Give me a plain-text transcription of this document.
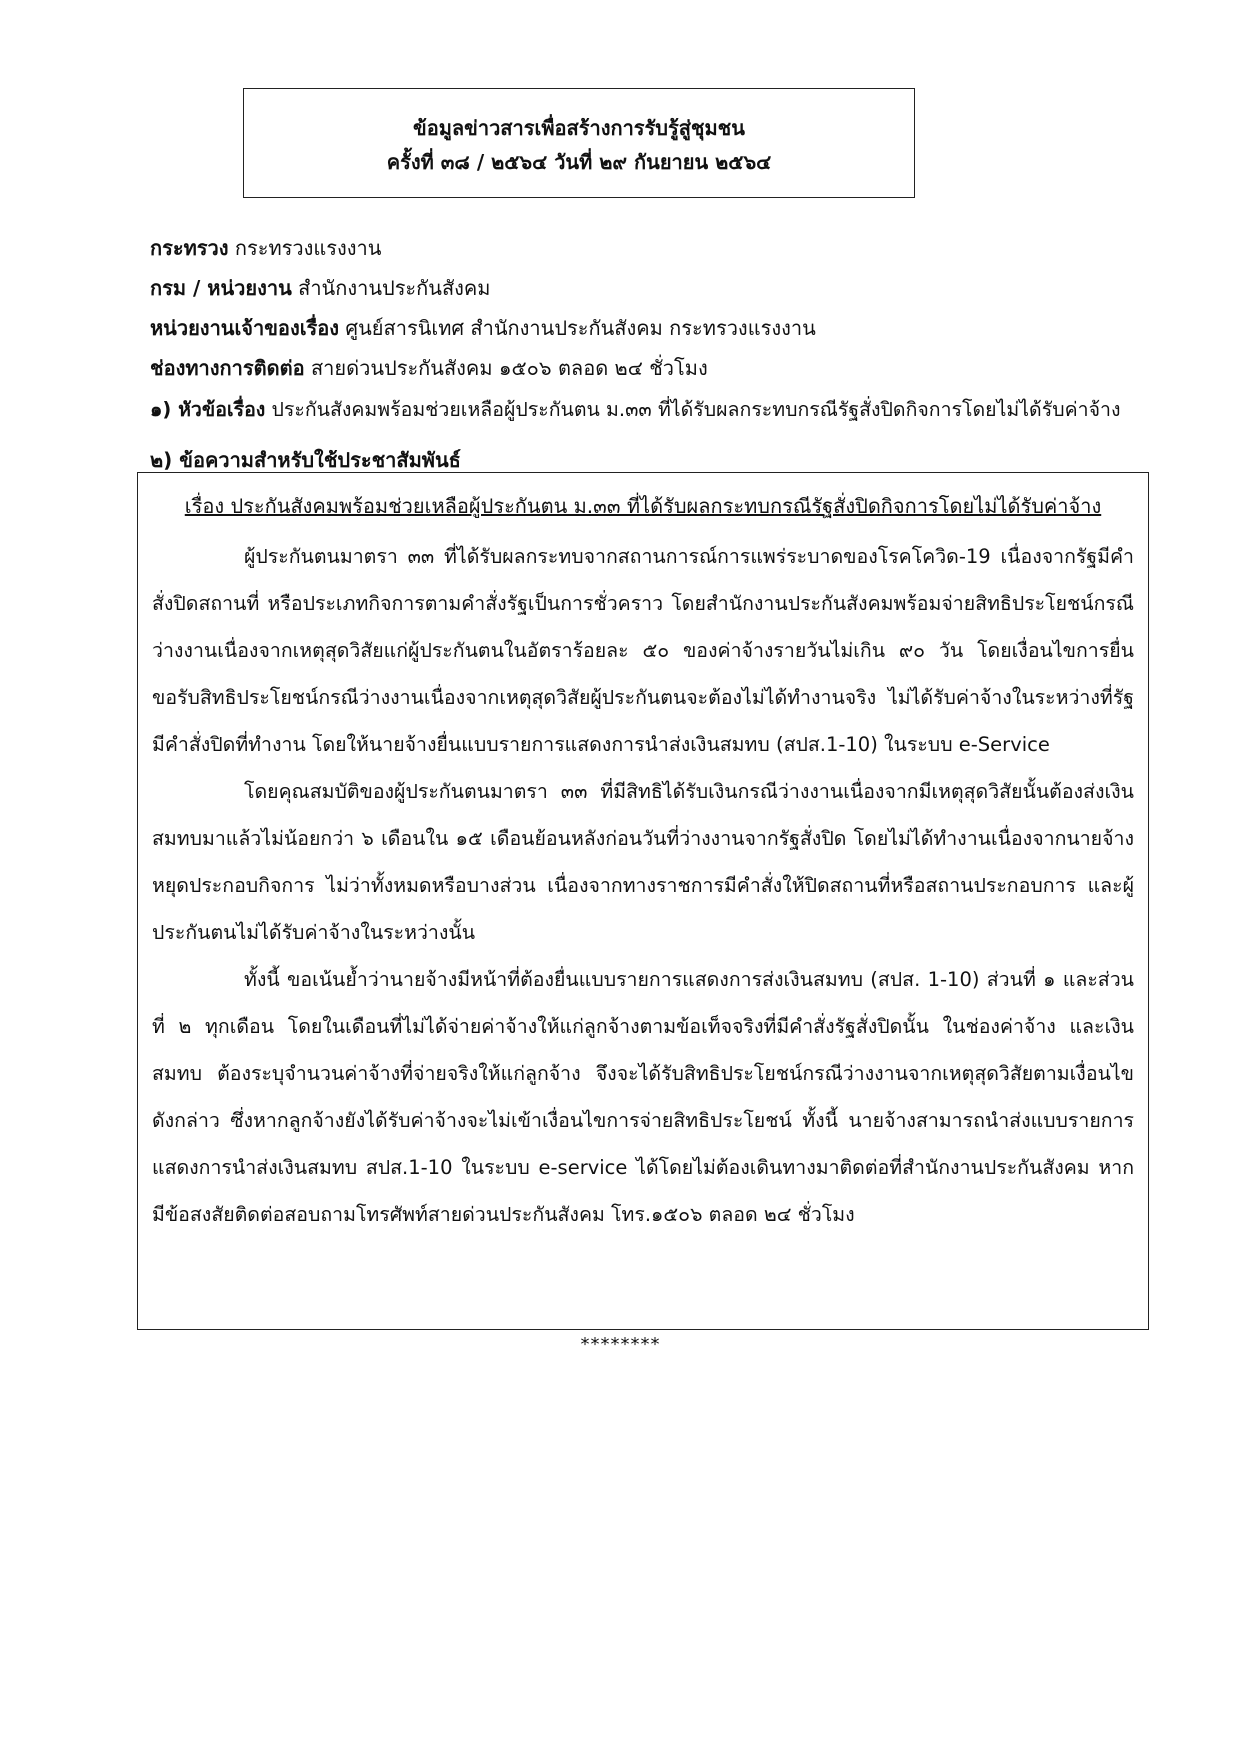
ข้อมูลข่าวสารเพื่อสร้างการรับรู้สู่ชุมชน
ครั้งที่ ๓๘ / ๒๕๖๔ วันที่ ๒๙ กันยายน ๒๕๖๔
กระทรวง กระทรวงแรงงาน
กรม / หน่วยงาน สำนักงานประกันสังคม
หน่วยงานเจ้าของเรื่อง ศูนย์สารนิเทศ สำนักงานประกันสังคม กระทรวงแรงงาน
ช่องทางการติดต่อ สายด่วนประกันสังคม ๑๕๐๖ ตลอด ๒๔ ชั่วโมง
๑) หัวข้อเรื่อง ประกันสังคมพร้อมช่วยเหลือผู้ประกันตน ม.๓๓ ที่ได้รับผลกระทบกรณีรัฐสั่งปิดกิจการโดยไม่ได้รับค่าจ้าง
๒) ข้อความสำหรับใช้ประชาสัมพันธ์
เรื่อง ประกันสังคมพร้อมช่วยเหลือผู้ประกันตน ม.๓๓ ที่ได้รับผลกระทบกรณีรัฐสั่งปิดกิจการโดยไม่ได้รับค่าจ้าง

ผู้ประกันตนมาตรา ๓๓ ที่ได้รับผลกระทบจากสถานการณ์การแพร่ระบาดของโรคโควิด-19 เนื่องจากรัฐมีคำสั่งปิดสถานที่ หรือประเภทกิจการตามคำสั่งรัฐเป็นการชั่วคราว โดยสำนักงานประกันสังคมพร้อมจ่ายสิทธิประโยชน์กรณีว่างงานเนื่องจากเหตุสุดวิสัยแก่ผู้ประกันตนในอัตราร้อยละ ๕๐ ของค่าจ้างรายวันไม่เกิน ๙๐ วัน โดยเงื่อนไขการยื่นขอรับสิทธิประโยชน์กรณีว่างงานเนื่องจากเหตุสุดวิสัยผู้ประกันตนจะต้องไม่ได้ทำงานจริง ไม่ได้รับค่าจ้างในระหว่างที่รัฐมีคำสั่งปิดที่ทำงาน โดยให้นายจ้างยื่นแบบรายการแสดงการนำส่งเงินสมทบ (สปส.1-10) ในระบบ e-Service

โดยคุณสมบัติของผู้ประกันตนมาตรา ๓๓ ที่มีสิทธิได้รับเงินกรณีว่างงานเนื่องจากมีเหตุสุดวิสัยนั้นต้องส่งเงินสมทบมาแล้วไม่น้อยกว่า ๖ เดือนใน ๑๕ เดือนย้อนหลังก่อนวันที่ว่างงานจากรัฐสั่งปิด โดยไม่ได้ทำงานเนื่องจากนายจ้างหยุดประกอบกิจการ ไม่ว่าทั้งหมดหรือบางส่วน เนื่องจากทางราชการมีคำสั่งให้ปิดสถานที่หรือสถานประกอบการ และผู้ประกันตนไม่ได้รับค่าจ้างในระหว่างนั้น

ทั้งนี้ ขอเน้นย้ำว่านายจ้างมีหน้าที่ต้องยื่นแบบรายการแสดงการส่งเงินสมทบ (สปส. 1-10) ส่วนที่ ๑ และส่วนที่ ๒ ทุกเดือน โดยในเดือนที่ไม่ได้จ่ายค่าจ้างให้แก่ลูกจ้างตามข้อเท็จจริงที่มีคำสั่งรัฐสั่งปิดนั้น ในช่องค่าจ้าง และเงินสมทบ ต้องระบุจำนวนค่าจ้างที่จ่ายจริงให้แก่ลูกจ้าง จึงจะได้รับสิทธิประโยชน์กรณีว่างงานจากเหตุสุดวิสัยตามเงื่อนไขดังกล่าว ซึ่งหากลูกจ้างยังได้รับค่าจ้างจะไม่เข้าเงื่อนไขการจ่ายสิทธิประโยชน์ ทั้งนี้ นายจ้างสามารถนำส่งแบบรายการแสดงการนำส่งเงินสมทบ สปส.1-10 ในระบบ e-service ได้โดยไม่ต้องเดินทางมาติดต่อที่สำนักงานประกันสังคม หากมีข้อสงสัยติดต่อสอบถามโทรศัพท์สายด่วนประกันสังคม โทร.๑๕๐๖ ตลอด ๒๔ ชั่วโมง

********
